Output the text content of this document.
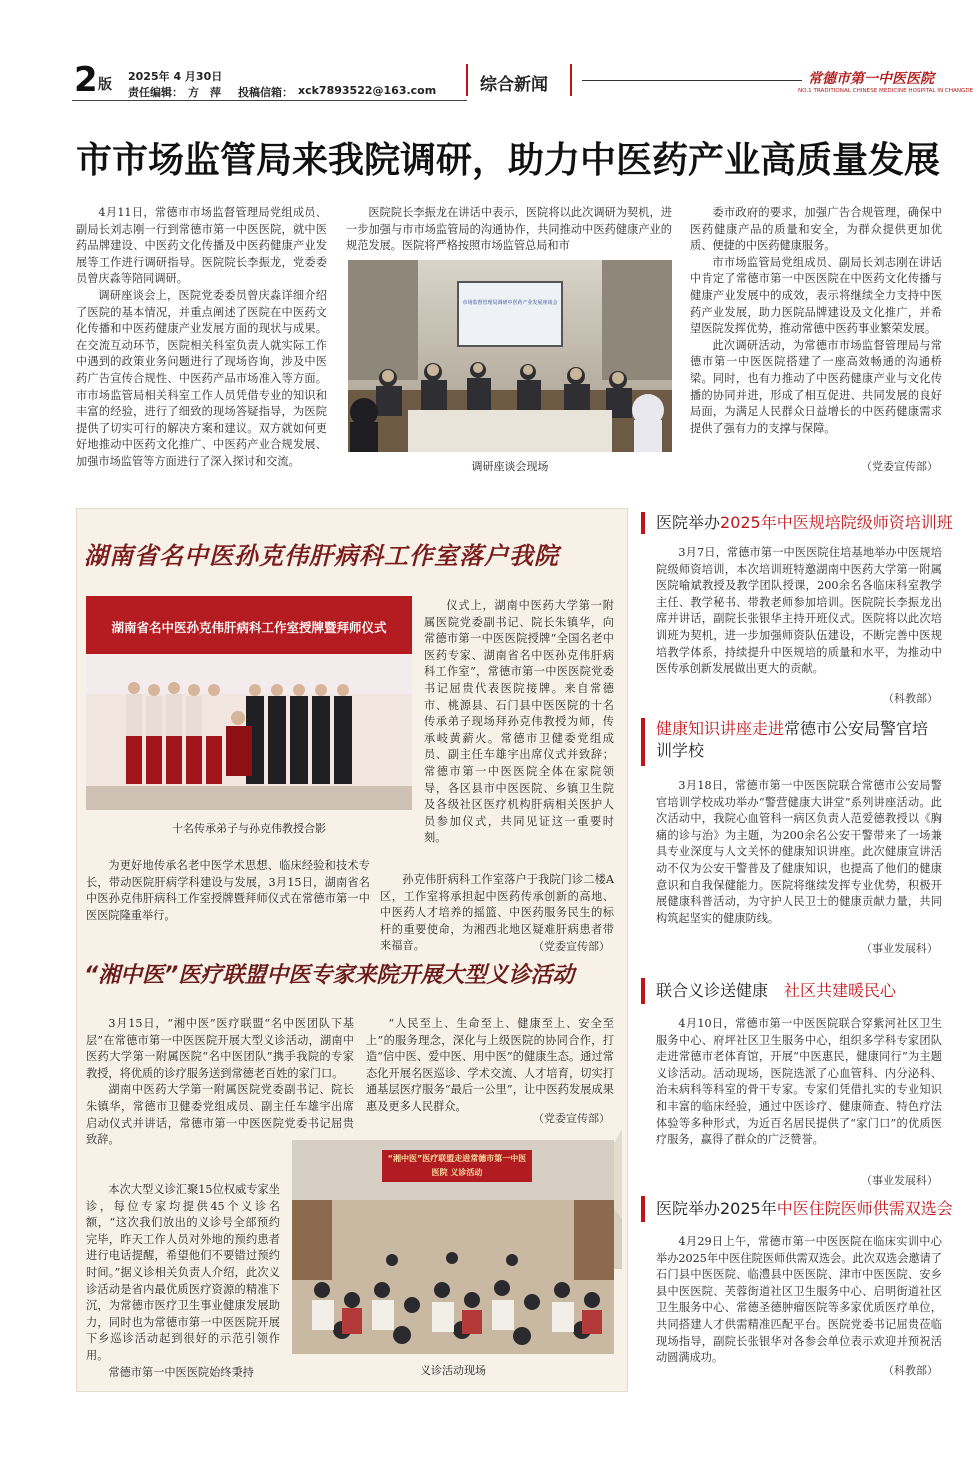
2 版
2025年 4 月30日
责任编辑： 方　萍 投稿信箱： xck7893522@163.com	综合新闻	常德市第一中医医院
NO.1 TRADITIONAL CHINESE MEDICINE HOSPITAL IN CHANGDE
市市场监管局来我院调研，助力中医药产业高质量发展

4月11日，常德市市场监督管理局党组成员、副局长刘志刚一行到常德市第一中医医院，就中医药品牌建设、中医药文化传播及中医药健康产业发展等工作进行调研指导。医院院长李振龙，党委委员曾庆淼等陪同调研。

调研座谈会上，医院党委委员曾庆淼详细介绍了医院的基本情况，并重点阐述了医院在中医药文化传播和中医药健康产业发展方面的现状与成果。在交流互动环节，医院相关科室负责人就实际工作中遇到的政策业务问题进行了现场咨询，涉及中医药广告宣传合规性、中医药产品市场准入等方面。市市场监管局相关科室工作人员凭借专业的知识和丰富的经验，进行了细致的现场答疑指导，为医院提供了切实可行的解决方案和建议。双方就如何更好地推动中医药文化推广、中医药产业合规发展、加强市场监管等方面进行了深入探讨和交流。

医院院长李振龙在讲话中表示，医院将以此次调研为契机，进一步加强与市市场监管局的沟通协作，共同推动中医药健康产业的规范发展。医院将严格按照市场监管总局和市

市场监督管理局调研中医药产业发展座谈会
调研座谈会现场

委市政府的要求，加强广告合规管理，确保中医药健康产品的质量和安全，为群众提供更加优质、便捷的中医药健康服务。

市市场监管局党组成员、副局长刘志刚在讲话中肯定了常德市第一中医医院在中医药文化传播与健康产业发展中的成效，表示将继续全力支持中医药产业发展，助力医院品牌建设及文化推广，并希望医院发挥优势，推动常德中医药事业繁荣发展。

此次调研活动，为常德市市场监督管理局与常德市第一中医医院搭建了一座高效畅通的沟通桥梁。同时，也有力推动了中医药健康产业与文化传播的协同并进，形成了相互促进、共同发展的良好局面，为满足人民群众日益增长的中医药健康需求提供了强有力的支撑与保障。

（党委宣传部）
湖南省名中医孙克伟肝病科工作室落户我院
湖南省名中医孙克伟肝病科工作室授牌暨拜师仪式
十名传承弟子与孙克伟教授合影

仪式上，湖南中医药大学第一附属医院党委副书记、院长朱镇华，向常德市第一中医医院授牌“全国名老中医药专家、湖南省名中医孙克伟肝病科工作室”，常德市第一中医医院党委书记屈贵代表医院接牌。来自常德市、桃源县、石门县中医医院的十名传承弟子现场拜孙克伟教授为师，传承岐黄薪火。常德市卫健委党组成员、副主任车雄宇出席仪式并致辞；常德市第一中医医院全体在家院领导，各区县市中医医院、乡镇卫生院及各级社区医疗机构肝病相关医护人员参加仪式，共同见证这一重要时刻。

为更好地传承名老中医学术思想、临床经验和技术专长，带动医院肝病学科建设与发展，3月15日，湖南省名中医孙克伟肝病科工作室授牌暨拜师仪式在常德市第一中医医院隆重举行。

孙克伟肝病科工作室落户于我院门诊二楼A区，工作室将承担起中医药传承创新的高地、中医药人才培养的摇篮、中医药服务民生的标杆的重要使命，为湘西北地区疑难肝病患者带来福音。	（党委宣传部）
“湘中医”医疗联盟中医专家来院开展大型义诊活动

3月15日，“湘中医”医疗联盟“名中医团队下基层”在常德市第一中医医院开展大型义诊活动，湖南中医药大学第一附属医院“名中医团队”携手我院的专家教授，将优质的诊疗服务送到常德老百姓的家门口。

湖南中医药大学第一附属医院党委副书记、院长朱镇华，常德市卫健委党组成员、副主任车雄宇出席启动仪式并讲话，常德市第一中医医院党委书记屈贵致辞。

本次大型义诊汇聚15位权威专家坐诊，每位专家均提供45个义诊名额，“这次我们放出的义诊号全部预约完毕，昨天工作人员对外地的预约患者进行电话提醒，希望他们不要错过预约时间。”据义诊相关负责人介绍，此次义诊活动是省内最优质医疗资源的精准下沉，为常德市医疗卫生事业健康发展助力，同时也为常德市第一中医医院开展下乡巡诊活动起到很好的示范引领作用。

常德市第一中医医院始终秉持

“人民至上、生命至上、健康至上、安全至上”的服务理念，深化与上级医院的协同合作，打造“信中医、爱中医、用中医”的健康生态。通过常态化开展名医巡诊、学术交流、人才培育，切实打通基层医疗服务“最后一公里”，让中医药发展成果惠及更多人民群众。

（党委宣传部）
“湘中医”医疗联盟走进常德市第一中医医院 义诊活动
义诊活动现场
医院举办2025年中医规培院级师资培训班

3月7日，常德市第一中医医院住培基地举办中医规培院级师资培训，本次培训班特邀湖南中医药大学第一附属医院喻斌教授及教学团队授课，200余名各临床科室教学主任、教学秘书、带教老师参加培训。医院院长李振龙出席并讲话，副院长张银华主持开班仪式。医院将以此次培训班为契机，进一步加强师资队伍建设，不断完善中医规培教学体系，持续提升中医规培的质量和水平，为推动中医传承创新发展做出更大的贡献。

（科教部）
健康知识讲座走进常德市公安局警官培训学校

3月18日，常德市第一中医医院联合常德市公安局警官培训学校成功举办“警营健康大讲堂”系列讲座活动。此次活动中，我院心血管科一病区负责人范爱德教授以《胸痛的诊与治》为主题，为200余名公安干警带来了一场兼具专业深度与人文关怀的健康知识讲座。此次健康宣讲活动不仅为公安干警普及了健康知识，也提高了他们的健康意识和自我保健能力。医院将继续发挥专业优势，积极开展健康科普活动，为守护人民卫士的健康贡献力量，共同构筑起坚实的健康防线。

（事业发展科）
联合义诊送健康　社区共建暖民心

4月10日，常德市第一中医医院联合穿紫河社区卫生服务中心、府坪社区卫生服务中心，组织多学科专家团队走进常德市老体育馆，开展“中医惠民，健康同行”为主题义诊活动。活动现场，医院选派了心血管科、内分泌科、治未病科等科室的骨干专家。专家们凭借扎实的专业知识和丰富的临床经验，通过中医诊疗、健康筛查、特色疗法体验等多种形式，为近百名居民提供了“家门口”的优质医疗服务，赢得了群众的广泛赞誉。

（事业发展科）
医院举办2025年中医住院医师供需双选会

4月29日上午，常德市第一中医医院在临床实训中心举办2025年中医住院医师供需双选会。此次双选会邀请了石门县中医医院、临澧县中医医院、津市中医医院、安乡县中医医院、芙蓉街道社区卫生服务中心、启明街道社区卫生服务中心、常德圣德肿瘤医院等多家优质医疗单位，共同搭建人才供需精准匹配平台。医院党委书记屈贵莅临现场指导，副院长张银华对各参会单位表示欢迎并预祝活动圆满成功。

（科教部）
